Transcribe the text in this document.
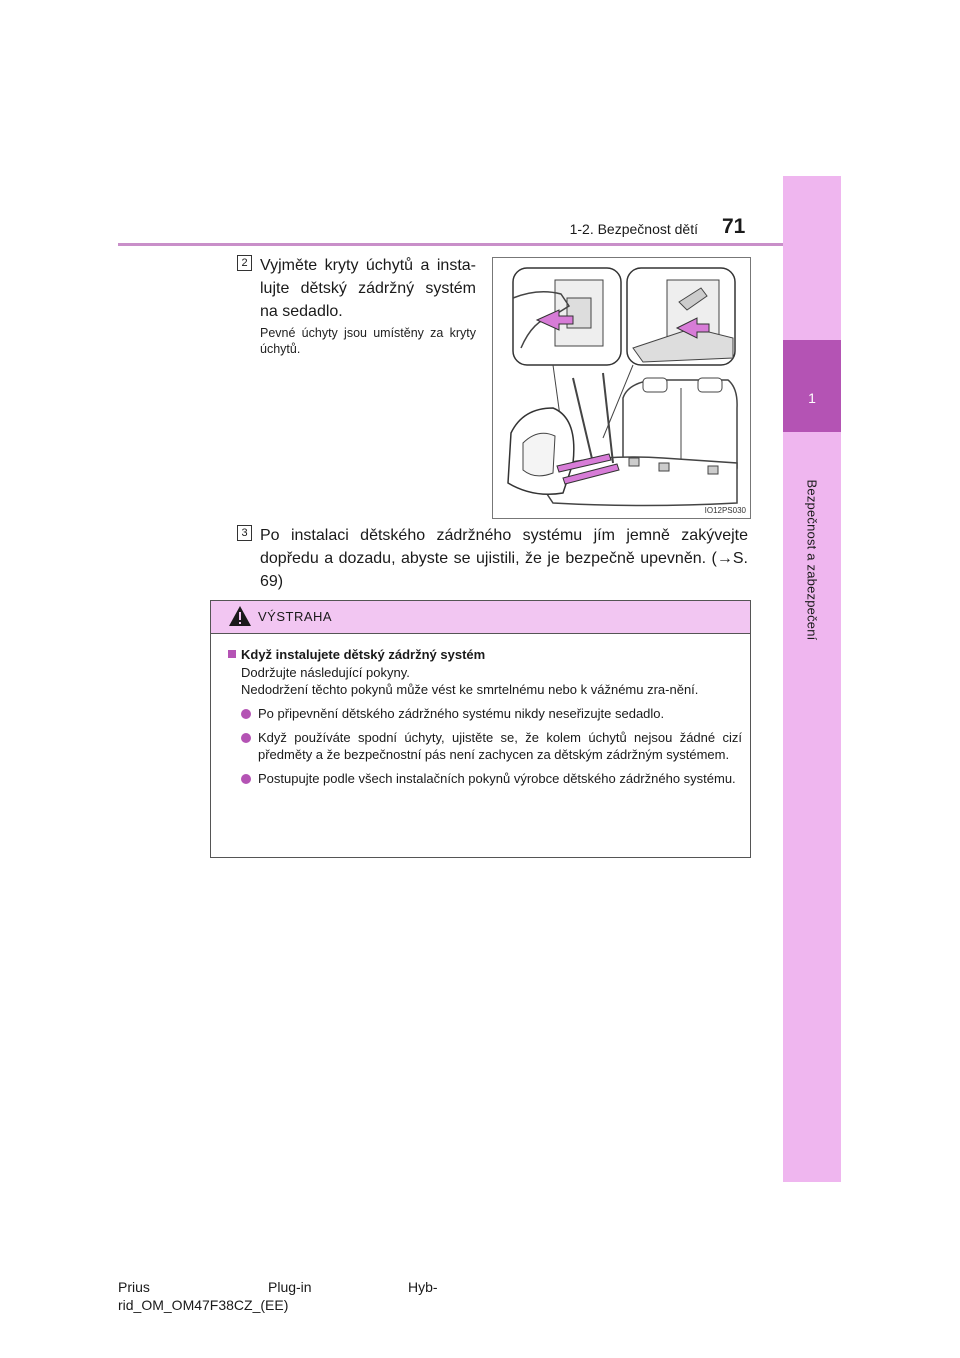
1
Bezpečnost a zabezpečení
1-2. Bezpečnost dětí 71
2 Vyjměte kryty úchytů a insta-lujte dětský zádržný systém na sedadlo.
Pevné úchyty jsou umístěny za kryty úchytů.
IO12PS030
3 Po instalaci dětského zádržného systému jím jemně zakývejte dopředu a dozadu, abyste se ujistili, že je bezpečně upevněn. (→S. 69)
VÝSTRAHA
Když instalujete dětský zádržný systém
Dodržujte následující pokyny.
Nedodržení těchto pokynů může vést ke smrtelnému nebo k vážnému zra-nění.
Po připevnění dětského zádržného systému nikdy neseřizujte sedadlo.
Když používáte spodní úchyty, ujistěte se, že kolem úchytů nejsou žádné cizí předměty a že bezpečnostní pás není zachycen za dětským zádržným systémem.
Postupujte podle všech instalačních pokynů výrobce dětského zádržného systému.
Prius	Plug-in	Hyb-
rid_OM_OM47F38CZ_(EE)
